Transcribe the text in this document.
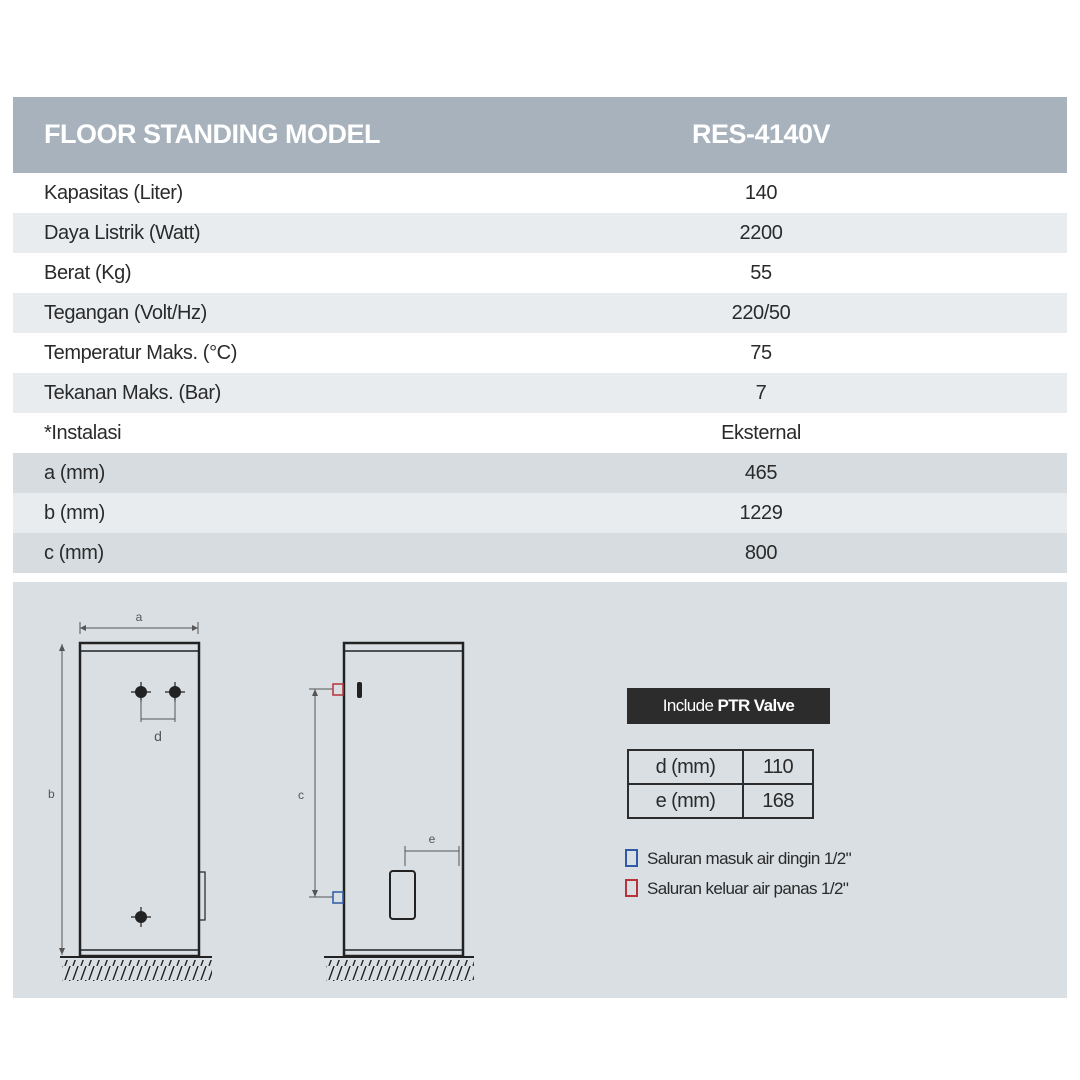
FLOOR STANDING MODEL	RES-4140V
Kapasitas (Liter)	140
Daya Listrik (Watt)	2200
Berat (Kg)	55
Tegangan (Volt/Hz)	220/50
Temperatur Maks. (°C)	75
Tekanan Maks. (Bar)	7
*Instalasi	Eksternal
a (mm)	465
b (mm)	1229
c (mm)	800
a
b
d
c
e
Include PTR Valve
d (mm)	110
e (mm)	168
Saluran masuk air dingin 1/2"
Saluran keluar air panas 1/2"
